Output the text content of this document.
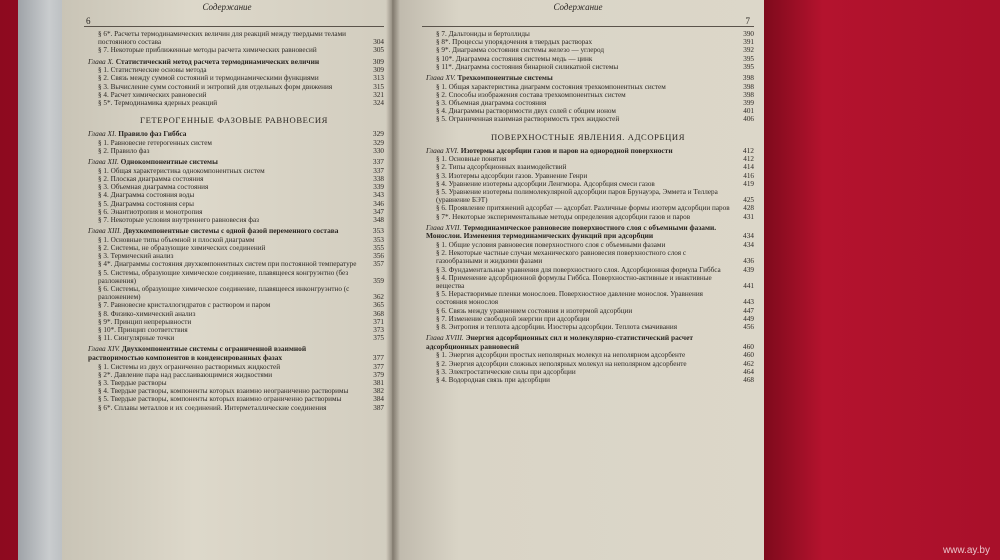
6
Содержание
§ 6*. Расчеты термодинамических величин для реакций между твердыми телами постоянного состава	304
§ 7. Некоторые приближенные методы расчета химических равновесий	305
Глава X. Статистический метод расчета термодинамических величин	309
§ 1. Статистические основы метода	309
§ 2. Связь между суммой состояний и термодинамическими функциями	313
§ 3. Вычисление сумм состояний и энтропий для отдельных форм движения	315
§ 4. Расчет химических равновесий	321
§ 5*. Термодинамика ядерных реакций	324
ГЕТЕРОГЕННЫЕ ФАЗОВЫЕ РАВНОВЕСИЯ
Глава XI. Правило фаз Гиббса	329
§ 1. Равновесие гетерогенных систем	329
§ 2. Правило фаз	330
Глава XII. Однокомпонентные системы	337
§ 1. Общая характеристика однокомпонентных систем	337
§ 2. Плоская диаграмма состояния	338
§ 3. Объемная диаграмма состояния	339
§ 4. Диаграмма состояния воды	343
§ 5. Диаграмма состояния серы	346
§ 6. Энантиотропия и монотропия	347
§ 7. Некоторые условия внутреннего равновесия фаз	348
Глава XIII. Двухкомпонентные системы с одной фазой переменного состава	353
§ 1. Основные типы объемной и плоской диаграмм	353
§ 2. Системы, не образующие химических соединений	355
§ 3. Термический анализ	356
§ 4*. Диаграммы состояния двухкомпонентных систем при постоянной температуре 357
§ 5. Системы, образующие химическое соединение, плавящееся конгруэнтно (без разложения)	359
§ 6. Системы, образующие химическое соединение, плавящееся инконгруэнтно (с разложением)	362
§ 7. Равновесие кристаллогидратов с раствором и паром	365
§ 8. Физико-химический анализ	368
§ 9*. Принцип непрерывности	371
§ 10*. Принцип соответствия	373
§ 11. Сингулярные точки	375
Глава XIV. Двухкомпонентные системы с ограниченной взаимной растворимостью компонентов в конденсированных фазах	377
§ 1. Системы из двух ограниченно растворимых жидкостей	377
§ 2*. Давление пара над расслаивающимися жидкостями	379
§ 3. Твердые растворы	381
§ 4. Твердые растворы, компоненты которых взаимно неограниченно растворимы	382
§ 5. Твердые растворы, компоненты которых взаимно ограниченно растворимы	384
§ 6*. Сплавы металлов и их соединений. Интерметаллические соединения	387
7
Содержание
§ 7. Дальтониды и бертоллиды	390
§ 8*. Процессы упорядочения в твердых растворах	391
§ 9*. Диаграмма состояния системы железо — углерод	392
§ 10*. Диаграмма состояния системы медь — цинк	395
§ 11*. Диаграмма состояния бинарной силикатной системы	395
Глава XV. Трехкомпонентные системы	398
§ 1. Общая характеристика диаграмм состояния трехкомпонентных систем	398
§ 2. Способы изображения состава трехкомпонентных систем	398
§ 3. Объемная диаграмма состояния	399
§ 4. Диаграммы растворимости двух солей с общим ионом	401
§ 5. Ограниченная взаимная растворимость трех жидкостей	406
ПОВЕРХНОСТНЫЕ ЯВЛЕНИЯ. АДСОРБЦИЯ
Глава XVI. Изотермы адсорбции газов и паров на однородной поверхности	412
§ 1. Основные понятия	412
§ 2. Типы адсорбционных взаимодействий	414
§ 3. Изотермы адсорбции газов. Уравнение Генри	416
§ 4. Уравнение изотермы адсорбции Ленгмюра. Адсорбция смеси газов	419
§ 5. Уравнение изотермы полимолекулярной адсорбции паров Брунауэра, Эммета и Теллера (уравнение БЭТ)	425
§ 6. Проявление притяжений адсорбат — адсорбат. Различные формы изотерм адсорбции паров 428
§ 7*. Некоторые экспериментальные методы определения адсорбции газов и паров	431
Глава XVII. Термодинамическое равновесие поверхностного слоя с объемными фазами. Монослои. Изменения термодинамических функций при адсорбции	434
§ 1. Общие условия равновесия поверхностного слоя с объемными фазами	434
§ 2. Некоторые частные случаи механического равновесия поверхностного слоя с газообразными и жидкими фазами	436
§ 3. Фундаментальные уравнения для поверхностного слоя. Адсорбционная формула Гиббса	439
§ 4. Применение адсорбционной формулы Гиббса. Поверхностно-активные и инактивные вещества	441
§ 5. Нерастворимые пленки монослоев. Поверхностное давление монослоя. Уравнения состояния монослоя	443
§ 6. Связь между уравнением состояния и изотермой адсорбции	447
§ 7. Изменение свободной энергии при адсорбции	449
§ 8. Энтропия и теплота адсорбции. Изостеры адсорбции. Теплота смачивания	456
Глава XVIII. Энергия адсорбционных сил и молекулярно-статистический расчет адсорбционных равновесий	460
§ 1. Энергия адсорбции простых неполярных молекул на неполярном адсорбенте	460
§ 2. Энергия адсорбции сложных неполярных молекул на неполярном адсорбенте	462
§ 3. Электростатические силы при адсорбции	464
§ 4. Водородная связь при адсорбции	468
www.ay.by
